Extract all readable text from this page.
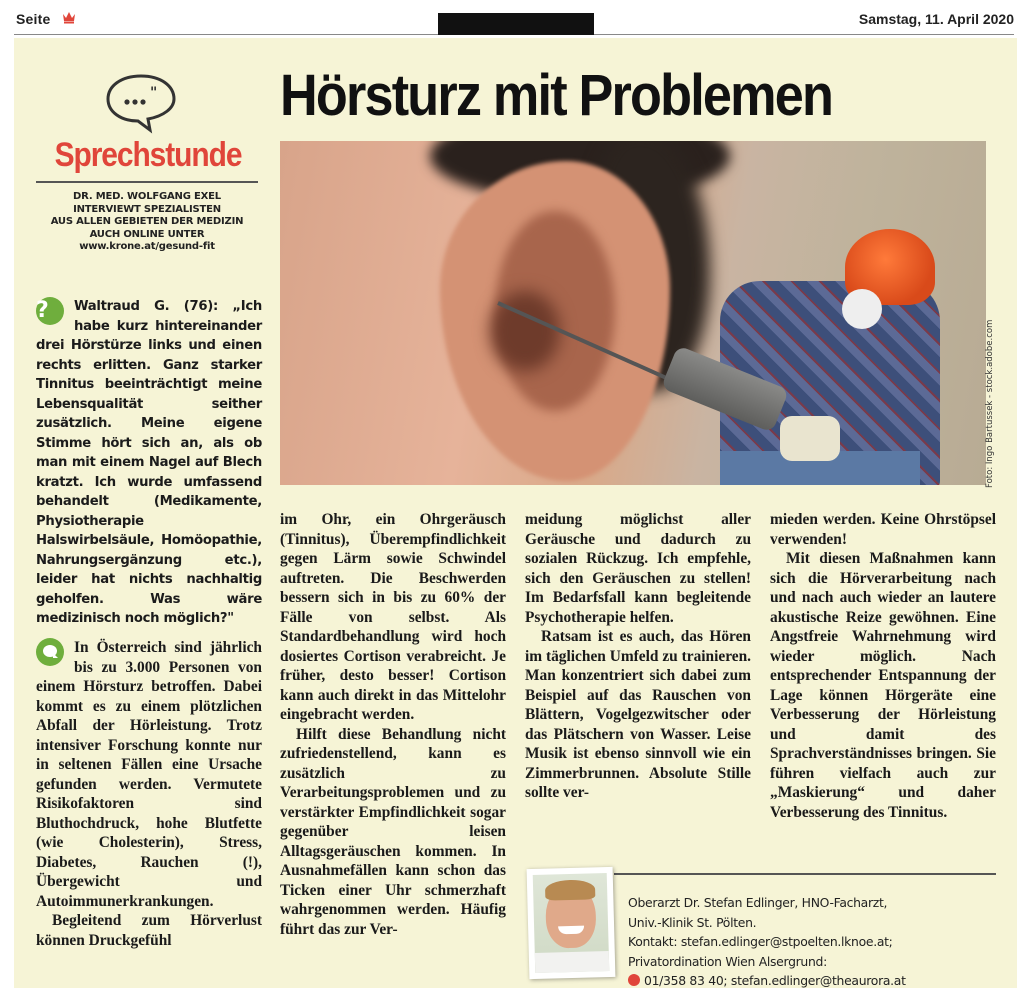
Seite	Samstag, 11. April 2020
"
Sprechstunde
DR. MED. WOLFGANG EXEL
INTERVIEWT SPEZIALISTEN
AUS ALLEN GEBIETEN DER MEDIZIN
AUCH ONLINE UNTER
www.krone.at/gesund-fit
Hörsturz mit Problemen
Foto: Ingo Bartussek - stock.adobe.com

?
Waltraud G. (76): „Ich habe kurz hintereinander drei Hörstürze links und einen rechts erlitten. Ganz starker Tinnitus beeinträchtigt meine Lebensqualität seither zusätzlich. Meine eigene Stimme hört sich an, als ob man mit einem Nagel auf Blech kratzt. Ich wurde umfassend behandelt (Medikamente, Physiotherapie Halswirbelsäule, Homöopathie, Nahrungsergänzung etc.), leider hat nichts nachhaltig geholfen. Was wäre medizinisch noch möglich?"

In Österreich sind jährlich bis zu 3.000 Personen von einem Hörsturz betroffen. Dabei kommt es zu einem plötzlichen Abfall der Hörleistung. Trotz intensiver Forschung konnte nur in seltenen Fällen eine Ursache gefunden werden. Vermutete Risikofaktoren sind Bluthochdruck, hohe Blutfette (wie Cholesterin), Stress, Diabetes, Rauchen (!), Übergewicht und Autoimmunerkrankungen.

Begleitend zum Hörverlust können Druckgefühl

im Ohr, ein Ohrgeräusch (Tinnitus), Überempfindlichkeit gegen Lärm sowie Schwindel auftreten. Die Beschwerden bessern sich in bis zu 60% der Fälle von selbst. Als Standardbehandlung wird hoch dosiertes Cortison verabreicht. Je früher, desto besser! Cortison kann auch direkt in das Mittelohr eingebracht werden.

Hilft diese Behandlung nicht zufriedenstellend, kann es zusätzlich zu Verarbeitungsproblemen und zu verstärkter Empfindlichkeit sogar gegenüber leisen Alltagsgeräuschen kommen. In Ausnahmefällen kann schon das Ticken einer Uhr schmerzhaft wahrgenommen werden. Häufig führt das zur Ver-

meidung möglichst aller Geräusche und dadurch zu sozialen Rückzug. Ich empfehle, sich den Geräuschen zu stellen! Im Bedarfsfall kann begleitende Psychotherapie helfen.

Ratsam ist es auch, das Hören im täglichen Umfeld zu trainieren. Man konzentriert sich dabei zum Beispiel auf das Rauschen von Blättern, Vogelgezwitscher oder das Plätschern von Wasser. Leise Musik ist ebenso sinnvoll wie ein Zimmerbrunnen. Absolute Stille sollte ver-

mieden werden. Keine Ohrstöpsel verwenden!

Mit diesen Maßnahmen kann sich die Hörverarbeitung nach und nach auch wieder an lautere akustische Reize gewöhnen. Eine Angstfreie Wahrnehmung wird wieder möglich. Nach entsprechender Entspannung der Lage können Hörgeräte eine Verbesserung der Hörleistung und damit des Sprachverständnisses bringen. Sie führen vielfach auch zur „Maskierung“ und daher Verbesserung des Tinnitus.

Oberarzt Dr. Stefan Edlinger, HNO-Facharzt,
Univ.-Klinik St. Pölten.
Kontakt: stefan.edlinger@stpoelten.lknoe.at;
Privatordination Wien Alsergrund:
01/358 83 40; stefan.edlinger@theaurora.at
